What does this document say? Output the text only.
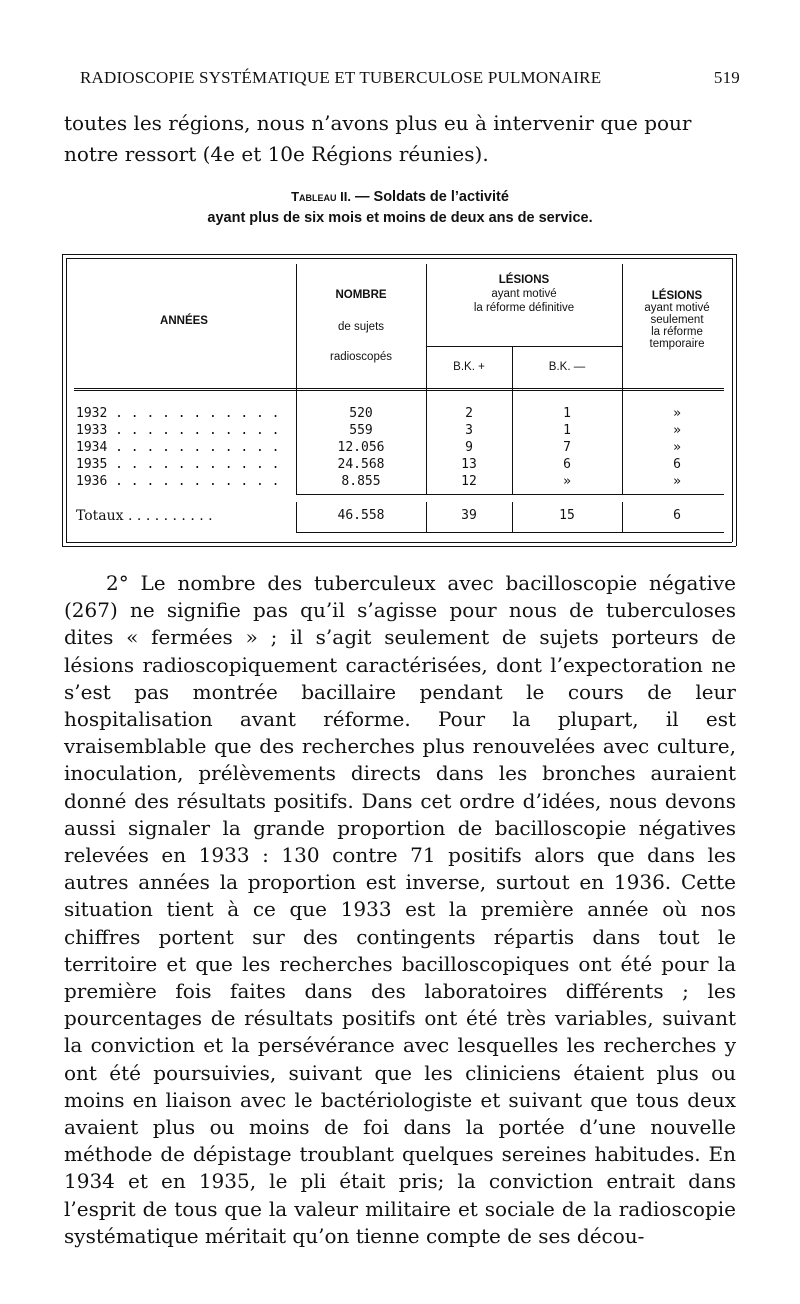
RADIOSCOPIE SYSTÉMATIQUE ET TUBERCULOSE PULMONAIRE	519
toutes les régions, nous n’avons plus eu à intervenir que pour notre ressort (4e et 10e Régions réunies).
Tableau II. — Soldats de l’activité
ayant plus de six mois et moins de deux ans de service.
ANNÉES
NOMBRE
de sujets
radioscopés
LÉSIONS
ayant motivé
la réforme définitive
B.K. +	B.K. —
LÉSIONS
ayant motivé
seulement
la réforme
temporaire
1932 . . . . . . . . . . .	520	2	1	»
1933 . . . . . . . . . . .	559	3	1	»
1934 . . . . . . . . . . .	12.056	9	7	»
1935 . . . . . . . . . . .	24.568	13	6	6
1936 . . . . . . . . . . .	8.855	12	»	»
Totaux . . . . . . . . . .	46.558	39	15	6

2° Le nombre des tuberculeux avec bacilloscopie négative (267) ne signifie pas qu’il s’agisse pour nous de tuberculoses dites « fermées » ; il s’agit seulement de sujets porteurs de lésions radioscopiquement caractérisées, dont l’expectoration ne s’est pas montrée bacillaire pendant le cours de leur hospitalisation avant réforme. Pour la plupart, il est vraisemblable que des recherches plus renouvelées avec culture, inoculation, prélèvements directs dans les bronches auraient donné des résultats positifs. Dans cet ordre d’idées, nous devons aussi signaler la grande proportion de bacilloscopie négatives relevées en 1933 : 130 contre 71 positifs alors que dans les autres années la proportion est inverse, surtout en 1936. Cette situation tient à ce que 1933 est la première année où nos chiffres portent sur des contingents répartis dans tout le territoire et que les recherches bacilloscopiques ont été pour la première fois faites dans des laboratoires différents ; les pourcentages de résultats positifs ont été très variables, suivant la conviction et la persévérance avec lesquelles les recherches y ont été poursuivies, suivant que les cliniciens étaient plus ou moins en liaison avec le bactériologiste et suivant que tous deux avaient plus ou moins de foi dans la portée d’une nouvelle méthode de dépistage troublant quelques sereines habitudes. En 1934 et en 1935, le pli était pris; la conviction entrait dans l’esprit de tous que la valeur militaire et sociale de la radioscopie systématique méritait qu’on tienne compte de ses décou-
